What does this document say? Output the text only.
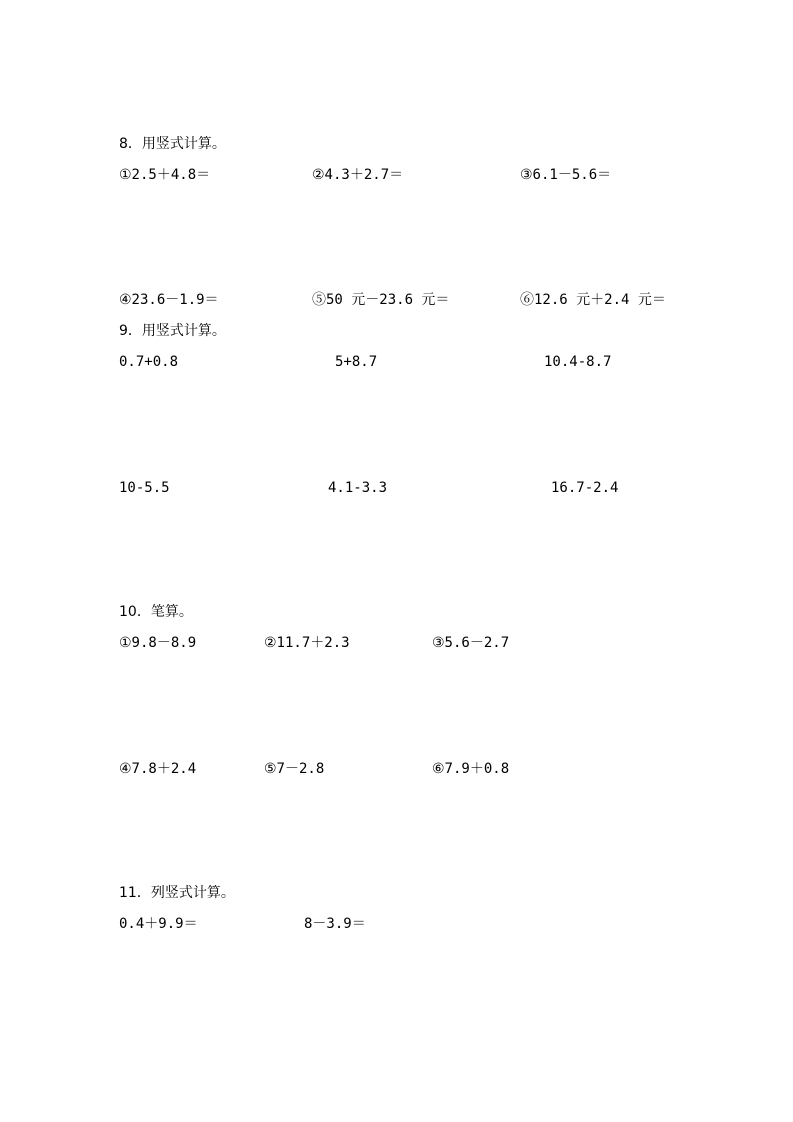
8．用竖式计算。
①2.5＋4.8＝	②4.3＋2.7＝	③6.1－5.6＝
④23.6－1.9＝	⑤50 元－23.6 元＝	⑥12.6 元＋2.4 元＝
9．用竖式计算。
0.7+0.8	5+8.7	10.4-8.7
10-5.5	4.1-3.3	16.7-2.4
10．笔算。
①9.8－8.9	②11.7＋2.3	③5.6－2.7
④7.8＋2.4	⑤7－2.8	⑥7.9＋0.8
11．列竖式计算。
0.4＋9.9＝	8－3.9＝
